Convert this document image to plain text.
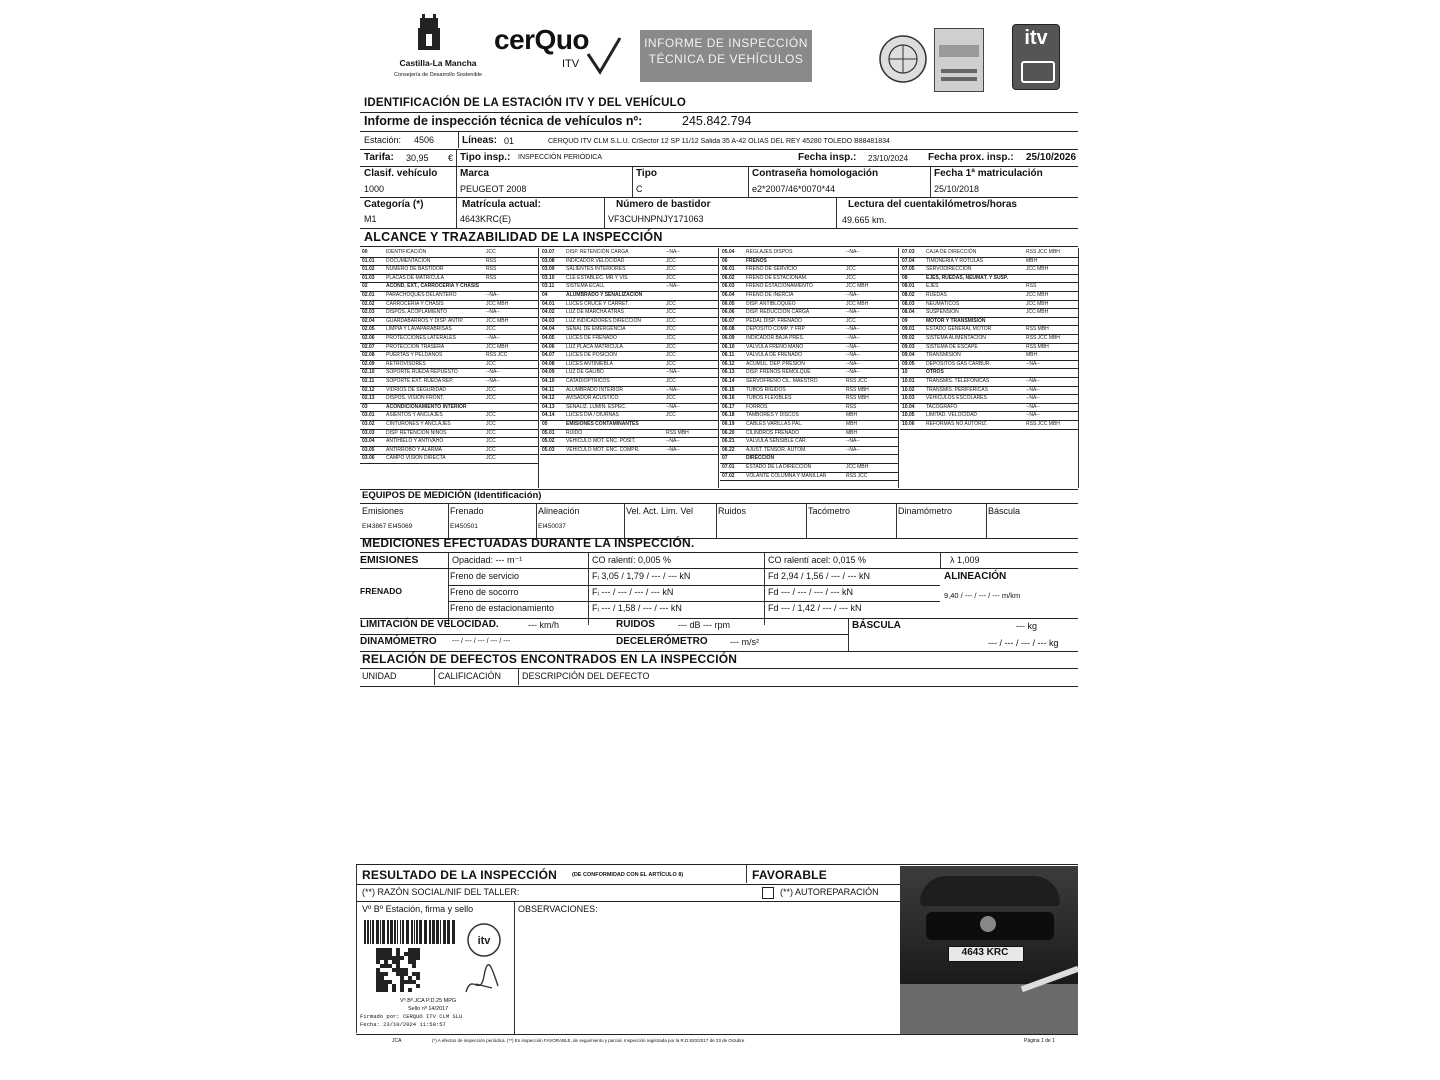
Castilla-La Mancha
Consejería de Desarrollo Sostenible
cerQuo
ITV
INFORME DE INSPECCIÓN
TÉCNICA DE VEHÍCULOS
itv
IDENTIFICACIÓN DE LA ESTACIÓN ITV Y DEL VEHÍCULO
Informe de inspección técnica de vehículos nº:	245.842.794
Estación: 4506	Líneas: 01	CERQUO ITV CLM S.L.U. C/Sector 12 SP 11/12 Salida 35 A-42 OLIAS DEL REY 45280 TOLEDO B88481834
Tarifa: 30,95 € Tipo insp.: INSPECCIÓN PERIÓDICA	Fecha insp.: 23/10/2024 Fecha prox. insp.: 25/10/2026
Clasif. vehículo
1000
Marca
PEUGEOT 2008
Tipo
C
Contraseña homologación
e2*2007/46*0070*44
Fecha 1ª matriculación
25/10/2018
Categoría (*)
M1
Matrícula actual:
4643KRC(E)
Número de bastidor
VF3CUHNPNJY171063
Lectura del cuentakilómetros/horas
49.665 km.
ALCANCE Y TRAZABILIDAD DE LA INSPECCIÓN
00	IDENTIFICACIÓN	JCC
01.01	DOCUMENTACIÓN	RSS
01.02	NÚMERO DE BASTIDOR	RSS
01.03	PLACAS DE MATRÍCULA	RSS
02	ACOND. EXT., CARROCERÍA Y CHASIS
02.01	PARACHOQUES DELANTERO	--NA--
02.02	CARROCERÍA Y CHASIS	JCC MBH
02.03	DISPOS. ACOPLAMIENTO	--NA--
02.04	GUARDABARROS Y DISP. ANTIP.	JCC MBH
02.05	LIMPIA Y LAVAPARABRISAS	JCC
02.06	PROTECCIONES LATERALES	--NA--
02.07	PROTECCIÓN TRASERA	JCC MBH
02.08	PUERTAS Y PELDAÑOS	RSS JCC
02.09	RETROVISORES	JCC
02.10	SOPORTE RUEDA REPUESTO	--NA--
02.11	SOPORTE EXT. RUEDA REP.	--NA--
02.12	VIDRIOS DE SEGURIDAD	JCC
02.13	DISPOS. VISIÓN FRONT.	JCC
03	ACONDICIONAMIENTO INTERIOR
03.01	ASIENTOS Y ANCLAJES	JCC
03.02	CINTURONES Y ANCLAJES	JCC
03.03	DISP. RETENCIÓN NIÑOS	JCC
03.04	ANTIHIELO Y ANTIVAHO	JCC
03.05	ANTIRROBO Y ALARMA	JCC
03.06	CAMPO VISIÓN DIRECTA	JCC
03.07	DISP. RETENCIÓN CARGA	--NA--
03.08	INDICADOR VELOCIDAD	JCC
03.09	SALIENTES INTERIORES	JCC
03.10	CLE ESTABLEC. MR Y VIS	JCC
03.11	SISTEMA ECALL	--NA--
04	ALUMBRADO Y SEÑALIZACIÓN
04.01	LUCES CRUCE Y CARRET.	JCC
04.02	LUZ DE MARCHA ATRÁS	JCC
04.03	LUZ INDICADORES DIRECCIÓN	JCC
04.04	SEÑAL DE EMERGENCIA	JCC
04.05	LUCES DE FRENADO	JCC
04.06	LUZ PLACA MATRÍCULA	JCC
04.07	LUCES DE POSICIÓN	JCC
04.08	LUCES ANTINIEBLA	JCC
04.09	LUZ DE GÁLIBO	--NA--
04.10	CATADIÓPTRICOS	JCC
04.11	ALUMBRADO INTERIOR	--NA--
04.12	AVISADOR ACÚSTICO	JCC
04.13	SEÑALIZ. LUMIN. ESPEC.	--NA--
04.14	LUCES DÍA / DIURNAS	JCC
05	EMISIONES CONTAMINANTES
05.01	RUIDO	RSS MBH
05.02	VEHÍCULO MOT. ENC. POSIT.	--NA--
05.03	VEHÍCULO MOT. ENC. COMPR.	--NA--
05.04	REGLAJES DISPOS	--NA--
06	FRENOS
06.01	FRENO DE SERVICIO	JCC
06.02	FRENO DE ESTACIONAM.	JCC
06.03	FRENO ESTACIONAMIENTO	JCC MBH
06.04	FRENO DE INERCIA	--NA--
06.05	DISP. ANTIBLOQUEO	JCC MBH
06.06	DISP. REDUCCIÓN CARGA	--NA--
06.07	PEDAL DISP. FRENADO	JCC
06.08	DEPÓSITO COMP. Y FRP	--NA--
06.09	INDICADOR BAJA PRES.	--NA--
06.10	VÁLVULA FRENO MANO	--NA--
06.11	VÁLVULA DE FRENADO	--NA--
06.12	ACUMUL. DEP. PRESIÓN	--NA--
06.13	DISP. FRENOS REMOLQUE	--NA--
06.14	SERVOFRENO CIL. MAESTRO	RSS JCC
06.15	TUBOS RÍGIDOS	RSS MBH
06.16	TUBOS FLEXIBLES	RSS MBH
06.17	FORROS	RSS
06.18	TAMBORES Y DISCOS	MBH
06.19	CABLES VARILLAS PAL.	MBH
06.20	CILINDROS FRENADO	MBH
06.21	VÁLVULA SENSIBLE CAR.	--NA--
06.22	AJUST. TENSOR. AUTOM.	--NA--
07	DIRECCIÓN
07.01	ESTADO DE LA DIRECCIÓN	JCC MBH
07.02	VOLANTE COLUMNA Y MANILLAR	RSS JCC
07.03	CAJA DE DIRECCIÓN	RSS JCC MBH
07.04	TIMONERÍA Y RÓTULAS	MBH
07.05	SERVODIRECCIÓN	JCC MBH
08	EJES, RUEDAS, NEUMÁT. Y SUSP.
08.01	EJES	RSS
08.02	RUEDAS	JCC MBH
08.03	NEUMÁTICOS	JCC MBH
08.04	SUSPENSIÓN	JCC MBH
09	MOTOR Y TRANSMISIÓN
09.01	ESTADO GENERAL MOTOR	RSS MBH
09.02	SISTEMA ALIMENTACIÓN	RSS JCC MBH
09.03	SISTEMA DE ESCAPE	RSS MBH
09.04	TRANSMISIÓN	MBH
09.05	DEPÓSITOS GAS CARBUR.	--NA--
10	OTROS
10.01	TRANSMIS. TELEFÓNICAS	--NA--
10.02	TRANSMIS. PERIFÉRICAS	--NA--
10.03	VEHÍCULOS ESCOLARES	--NA--
10.04	TACÓGRAFO	--NA--
10.05	LIMITAD. VELOCIDAD	--NA--
10.06	REFORMAS NO AUTORIZ.	RSS JCC MBH
EQUIPOS DE MEDICIÓN (Identificación)
Emisiones
EI43867 EI45069
Frenado
EI450501
Alineación
EI450037
Vel. Act. Lim. Vel	Ruidos	Tacómetro	Dinamómetro	Báscula
MEDICIONES EFECTUADAS DURANTE LA INSPECCIÓN.
EMISIONES	Opacidad: --- m⁻¹	CO ralentí: 0,005 %	CO ralentí acel: 0,015 %	λ 1,009
FRENADO
Freno de servicio	Fᵢ 3,05 / 1,79 / --- / --- kN	Fd 2,94 / 1,56 / --- / --- kN	ALINEACIÓN
9,40 / --- / --- / --- m/km
Freno de socorro	Fᵢ --- / --- / --- / --- kN	Fd --- / --- / --- / --- kN
Freno de estacionamiento	Fᵢ --- / 1,58 / --- / --- kN	Fd --- / 1,42 / --- / --- kN
LIMITACIÓN DE VELOCIDAD.	--- km/h	RUIDOS	--- dB --- rpm	BÁSCULA	--- kg
DINAMÓMETRO --- / --- / --- / --- / ---	DECELERÓMETRO --- m/s²	--- / --- / --- / --- kg
RELACIÓN DE DEFECTOS ENCONTRADOS EN LA INSPECCIÓN
UNIDAD	CALIFICACIÓN DESCRIPCIÓN DEL DEFECTO
RESULTADO DE LA INSPECCIÓN	(DE CONFORMIDAD CON EL ARTÍCULO 8)	FAVORABLE
(**) RAZÓN SOCIAL/NIF DEL TALLER:	(**) AUTOREPARACIÓN
Vº Bº Estación, firma y sello	OBSERVACIONES:
itv
Vº.Bº.JCA P.D.25 MPG
Sello nº 14/2017
Firmado por: CERQUO ITV CLM SLU
Fecha: 23/10/2024 11:50:57
4643 KRC
JCA	(*) A efectos de inspección periódica. (**) En inspección FAVORABLE, de seguimiento y parcial. Inspección registrada por la R.D.920/2017 de 23 de Octubre	Página 1 de 1
